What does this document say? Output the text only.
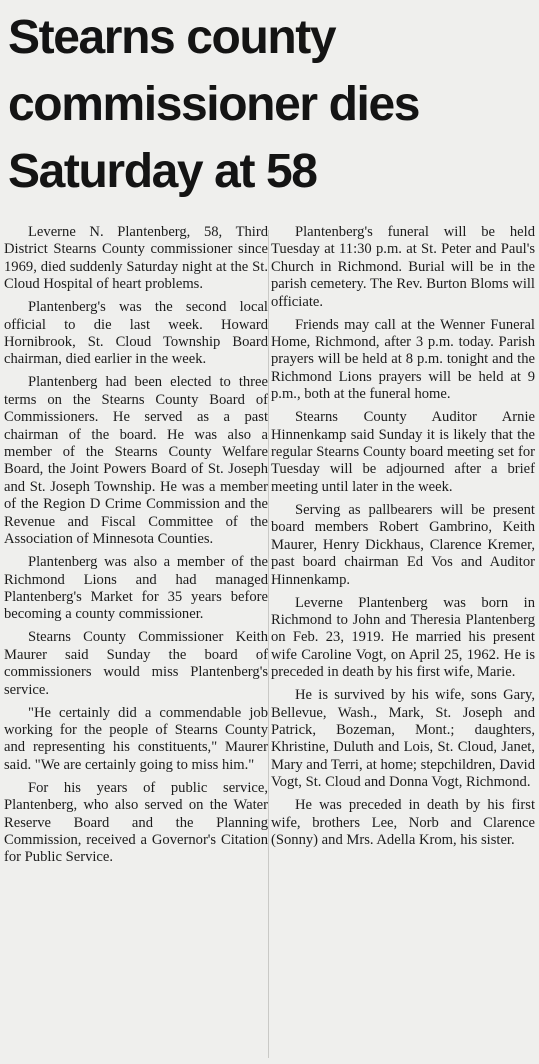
Stearns county
commissioner dies
Saturday at 58

Leverne N. Plantenberg, 58, Third District Stearns County commissioner since 1969, died suddenly Saturday night at the St. Cloud Hospital of heart problems.

Plantenberg's was the second local official to die last week. Howard Hornibrook, St. Cloud Township Board chairman, died earlier in the week.

Plantenberg had been elected to three terms on the Stearns County Board of Commissioners. He served as a past chairman of the board. He was also a member of the Stearns County Welfare Board, the Joint Powers Board of St. Joseph and St. Joseph Township. He was a member of the Region D Crime Commission and the Revenue and Fiscal Committee of the Association of Minnesota Counties.

Plantenberg was also a member of the Richmond Lions and had managed Plantenberg's Market for 35 years before becoming a county commissioner.

Stearns County Commissioner Keith Maurer said Sunday the board of commissioners would miss Plantenberg's service.

"He certainly did a commendable job working for the people of Stearns County and representing his constituents," Maurer said. "We are certainly going to miss him."

For his years of public service, Plantenberg, who also served on the Water Reserve Board and the Planning Commission, received a Governor's Citation for Public Service.

Plantenberg's funeral will be held Tuesday at 11:30 p.m. at St. Peter and Paul's Church in Richmond. Burial will be in the parish cemetery. The Rev. Burton Bloms will officiate.

Friends may call at the Wenner Funeral Home, Richmond, after 3 p.m. today. Parish prayers will be held at 8 p.m. tonight and the Richmond Lions prayers will be held at 9 p.m., both at the funeral home.

Stearns County Auditor Arnie Hinnenkamp said Sunday it is likely that the regular Stearns County board meeting set for Tuesday will be adjourned after a brief meeting until later in the week.

Serving as pallbearers will be present board members Robert Gambrino, Keith Maurer, Henry Dickhaus, Clarence Kremer, past board chairman Ed Vos and Auditor Hinnenkamp.

Leverne Plantenberg was born in Richmond to John and Theresia Plantenberg on Feb. 23, 1919. He married his present wife Caroline Vogt, on April 25, 1962. He is preceded in death by his first wife, Marie.

He is survived by his wife, sons Gary, Bellevue, Wash., Mark, St. Joseph and Patrick, Bozeman, Mont.; daughters, Khristine, Duluth and Lois, St. Cloud, Janet, Mary and Terri, at home; stepchildren, David Vogt, St. Cloud and Donna Vogt, Richmond.

He was preceded in death by his first wife, brothers Lee, Norb and Clarence (Sonny) and Mrs. Adella Krom, his sister.
